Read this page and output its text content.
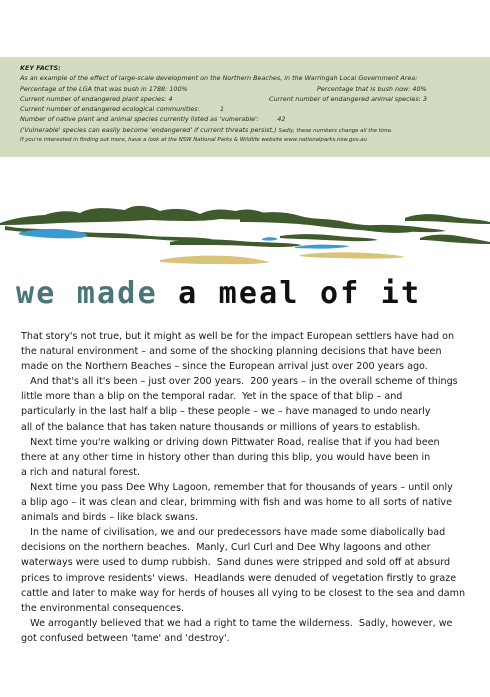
KEY FACTS:
As an example of the effect of large-scale development on the Northern Beaches, in the Warringah Local Government Area:
Percentage of the LGA that was bush in 1788: 100%	Percentage that is bush now: 40%
Current number of endangered plant species: 4	Current number of endangered animal species: 3
Current number of endangered ecological communities:          1
Number of native plant and animal species currently listed as 'vulnerable':         42
('Vulnerable' species can easily become 'endangered' if current threats persist.) Sadly, these numbers change all the time.
If you're interested in finding out more, have a look at the NSW National Parks & Wildlife website www.nationalparks.nsw.gov.au
we made a meal of it
That story's not true, but it might as well be for the impact European settlers have had on
the natural environment – and some of the shocking planning decisions that have been
made on the Northern Beaches – since the European arrival just over 200 years ago.
And that's all it's been – just over 200 years.  200 years – in the overall scheme of things
little more than a blip on the temporal radar.  Yet in the space of that blip – and
particularly in the last half a blip – these people – we – have managed to undo nearly
all of the balance that has taken nature thousands or millions of years to establish.
Next time you're walking or driving down Pittwater Road, realise that if you had been
there at any other time in history other than during this blip, you would have been in
a rich and natural forest.
Next time you pass Dee Why Lagoon, remember that for thousands of years – until only
a blip ago – it was clean and clear, brimming with fish and was home to all sorts of native
animals and birds – like black swans.
In the name of civilisation, we and our predecessors have made some diabolically bad
decisions on the northern beaches.  Manly, Curl Curl and Dee Why lagoons and other
waterways were used to dump rubbish.  Sand dunes were stripped and sold off at absurd
prices to improve residents' views.  Headlands were denuded of vegetation firstly to graze
cattle and later to make way for herds of houses all vying to be closest to the sea and damn
the environmental consequences.
We arrogantly believed that we had a right to tame the wilderness.  Sadly, however, we
got confused between 'tame' and 'destroy'.
